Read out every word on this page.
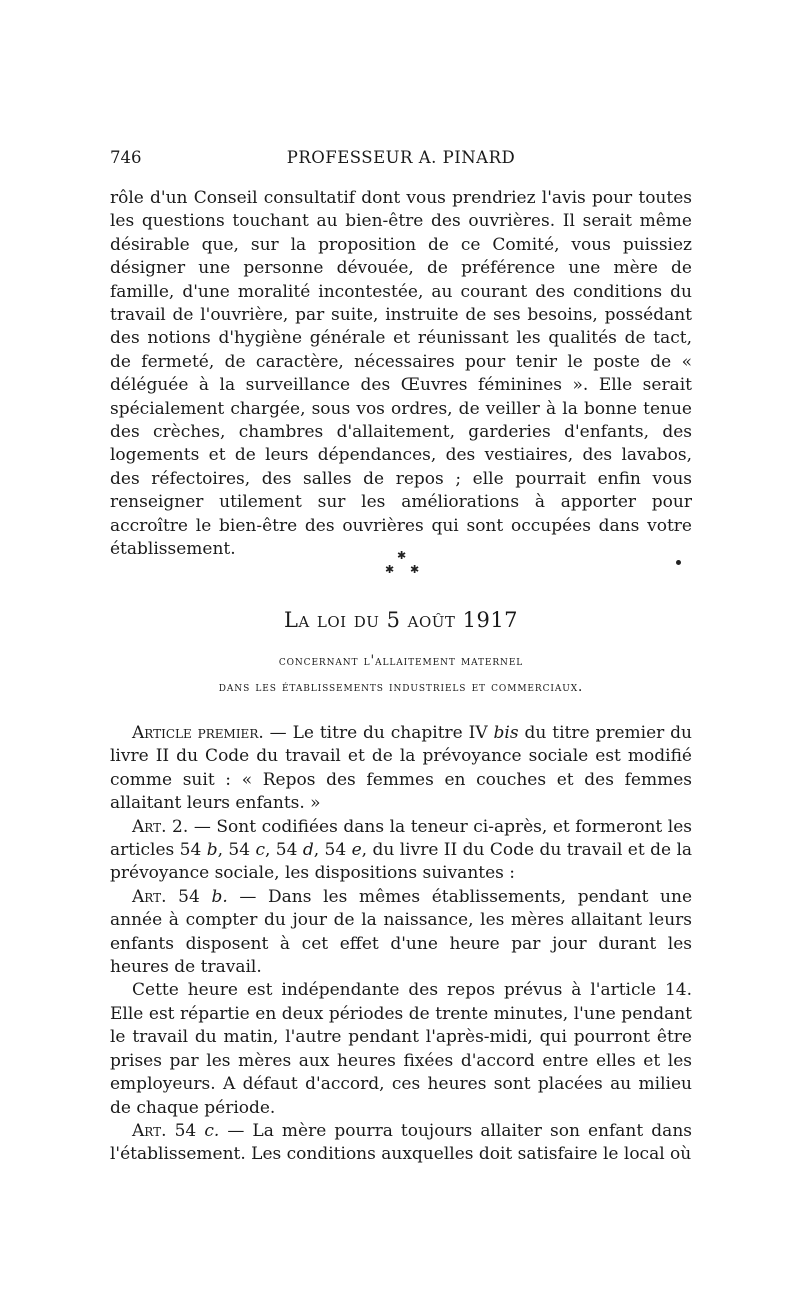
746	PROFESSEUR A. PINARD

rôle d'un Conseil consultatif dont vous prendriez l'avis pour toutes les questions touchant au bien-être des ouvrières. Il serait même désirable que, sur la proposition de ce Comité, vous puissiez désigner une personne dévouée, de préférence une mère de famille, d'une moralité incontestée, au courant des conditions du travail de l'ouvrière, par suite, instruite de ses besoins, possédant des notions d'hygiène générale et réunissant les qualités de tact, de fermeté, de caractère, nécessaires pour tenir le poste de « déléguée à la surveillance des Œuvres féminines ». Elle serait spécialement chargée, sous vos ordres, de veiller à la bonne tenue des crèches, chambres d'allaitement, garderies d'enfants, des logements et de leurs dépendances, des vestiaires, des lavabos, des réfectoires, des salles de repos ; elle pourrait enfin vous renseigner utilement sur les améliorations à apporter pour accroître le bien-être des ouvrières qui sont occupées dans votre établissement.	✱
✱ ✱
La loi du 5 août 1917
concernant l'allaitement maternel
dans les établissements industriels et commerciaux.

Article premier. — Le titre du chapitre IV bis du titre premier du livre II du Code du travail et de la prévoyance sociale est modifié comme suit : « Repos des femmes en couches et des femmes allaitant leurs enfants. »

Art. 2. — Sont codifiées dans la teneur ci-après, et formeront les articles 54 b, 54 c, 54 d, 54 e, du livre II du Code du travail et de la prévoyance sociale, les dispositions suivantes :

Art. 54 b. — Dans les mêmes établissements, pendant une année à compter du jour de la naissance, les mères allaitant leurs enfants disposent à cet effet d'une heure par jour durant les heures de travail.

Cette heure est indépendante des repos prévus à l'article 14. Elle est répartie en deux périodes de trente minutes, l'une pendant le travail du matin, l'autre pendant l'après-midi, qui pourront être prises par les mères aux heures fixées d'accord entre elles et les employeurs. A défaut d'accord, ces heures sont placées au milieu de chaque période.

Art. 54 c. — La mère pourra toujours allaiter son enfant dans l'établissement. Les conditions auxquelles doit satisfaire le local où
